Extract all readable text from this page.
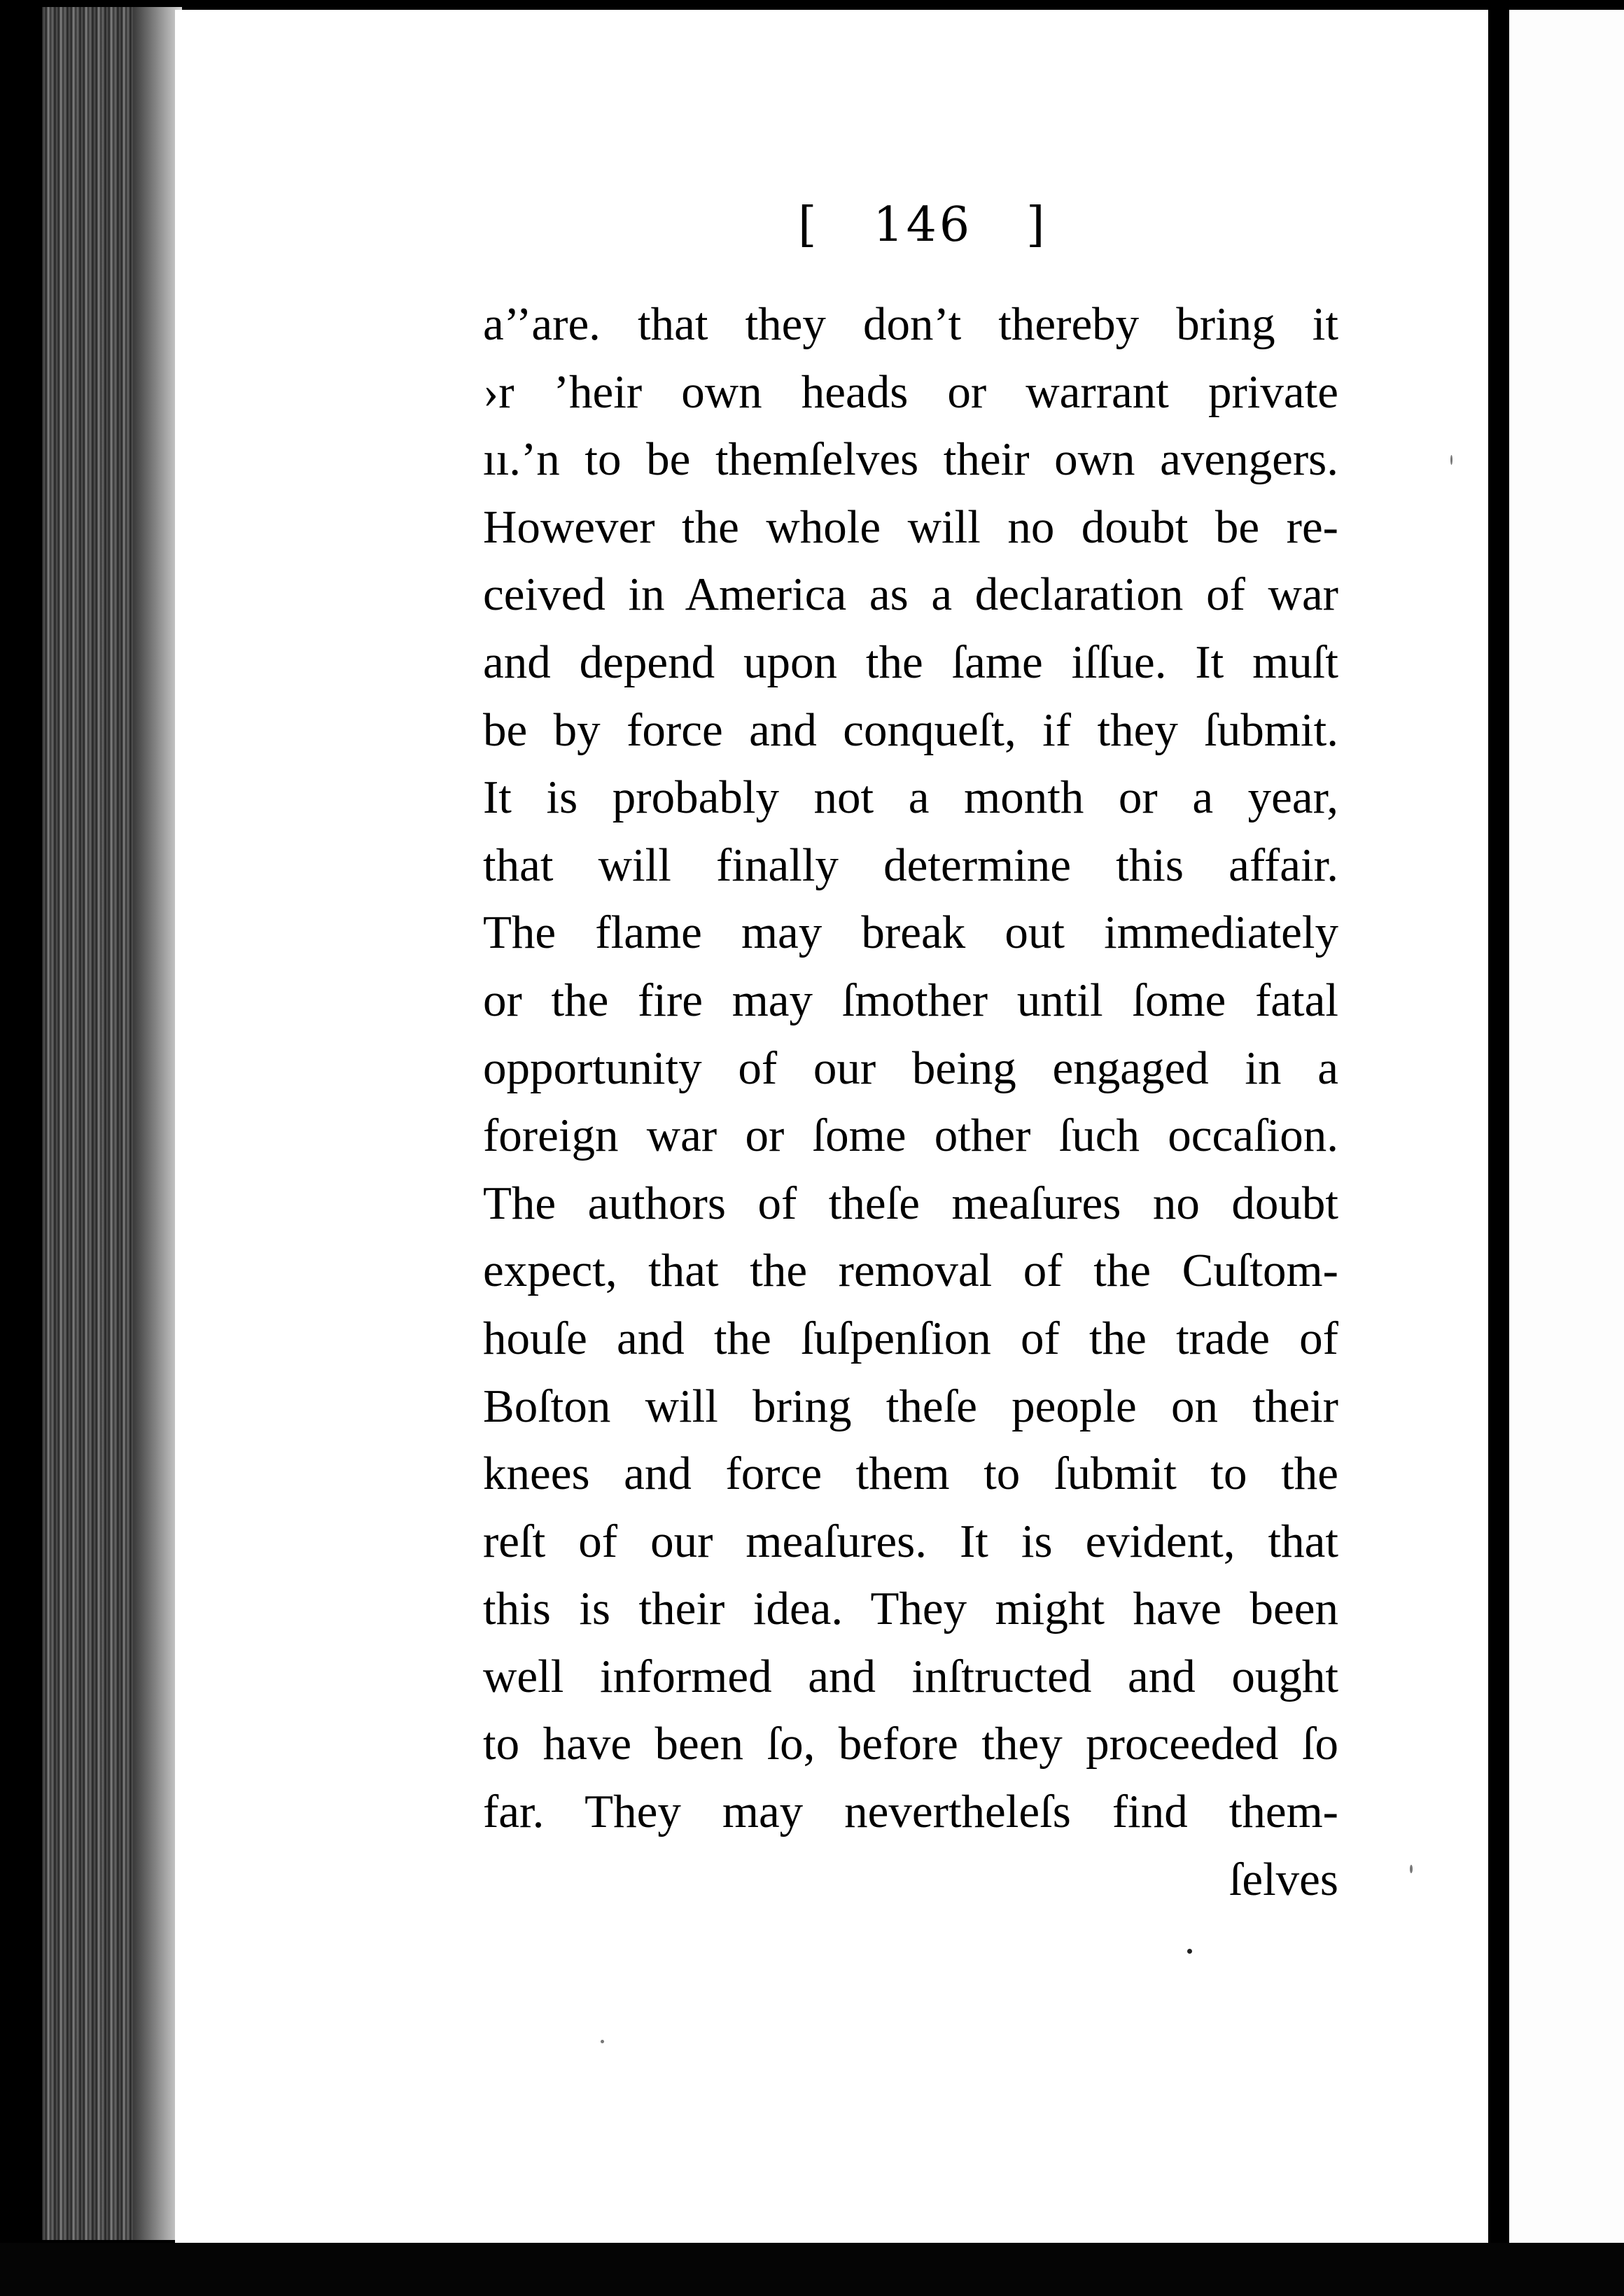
[   146   ]
a’’are. that they don’t thereby bring it
›r ’heir own heads or warrant private
ıı.’n to be themſelves their own avengers.
However the whole will no doubt be re-
ceived in America as a declaration of war
and depend upon the ſame iſſue. It muſt
be by force and conqueſt, if they ſubmit.
It is probably not a month or a year,
that will finally determine this affair.
The flame may break out immediately
or the fire may ſmother until ſome fatal
opportunity of our being engaged in a
foreign war or ſome other ſuch occaſion.
The authors of theſe meaſures no doubt
expect, that the removal of the Cuſtom-
houſe and the ſuſpenſion of the trade of
Boſton will bring theſe people on their
knees and force them to ſubmit to the
reſt of our meaſures. It is evident, that
this is their idea. They might have been
well informed and inſtructed and ought
to have been ſo, before they proceeded ſo
far. They may nevertheleſs find them-
ſelves
